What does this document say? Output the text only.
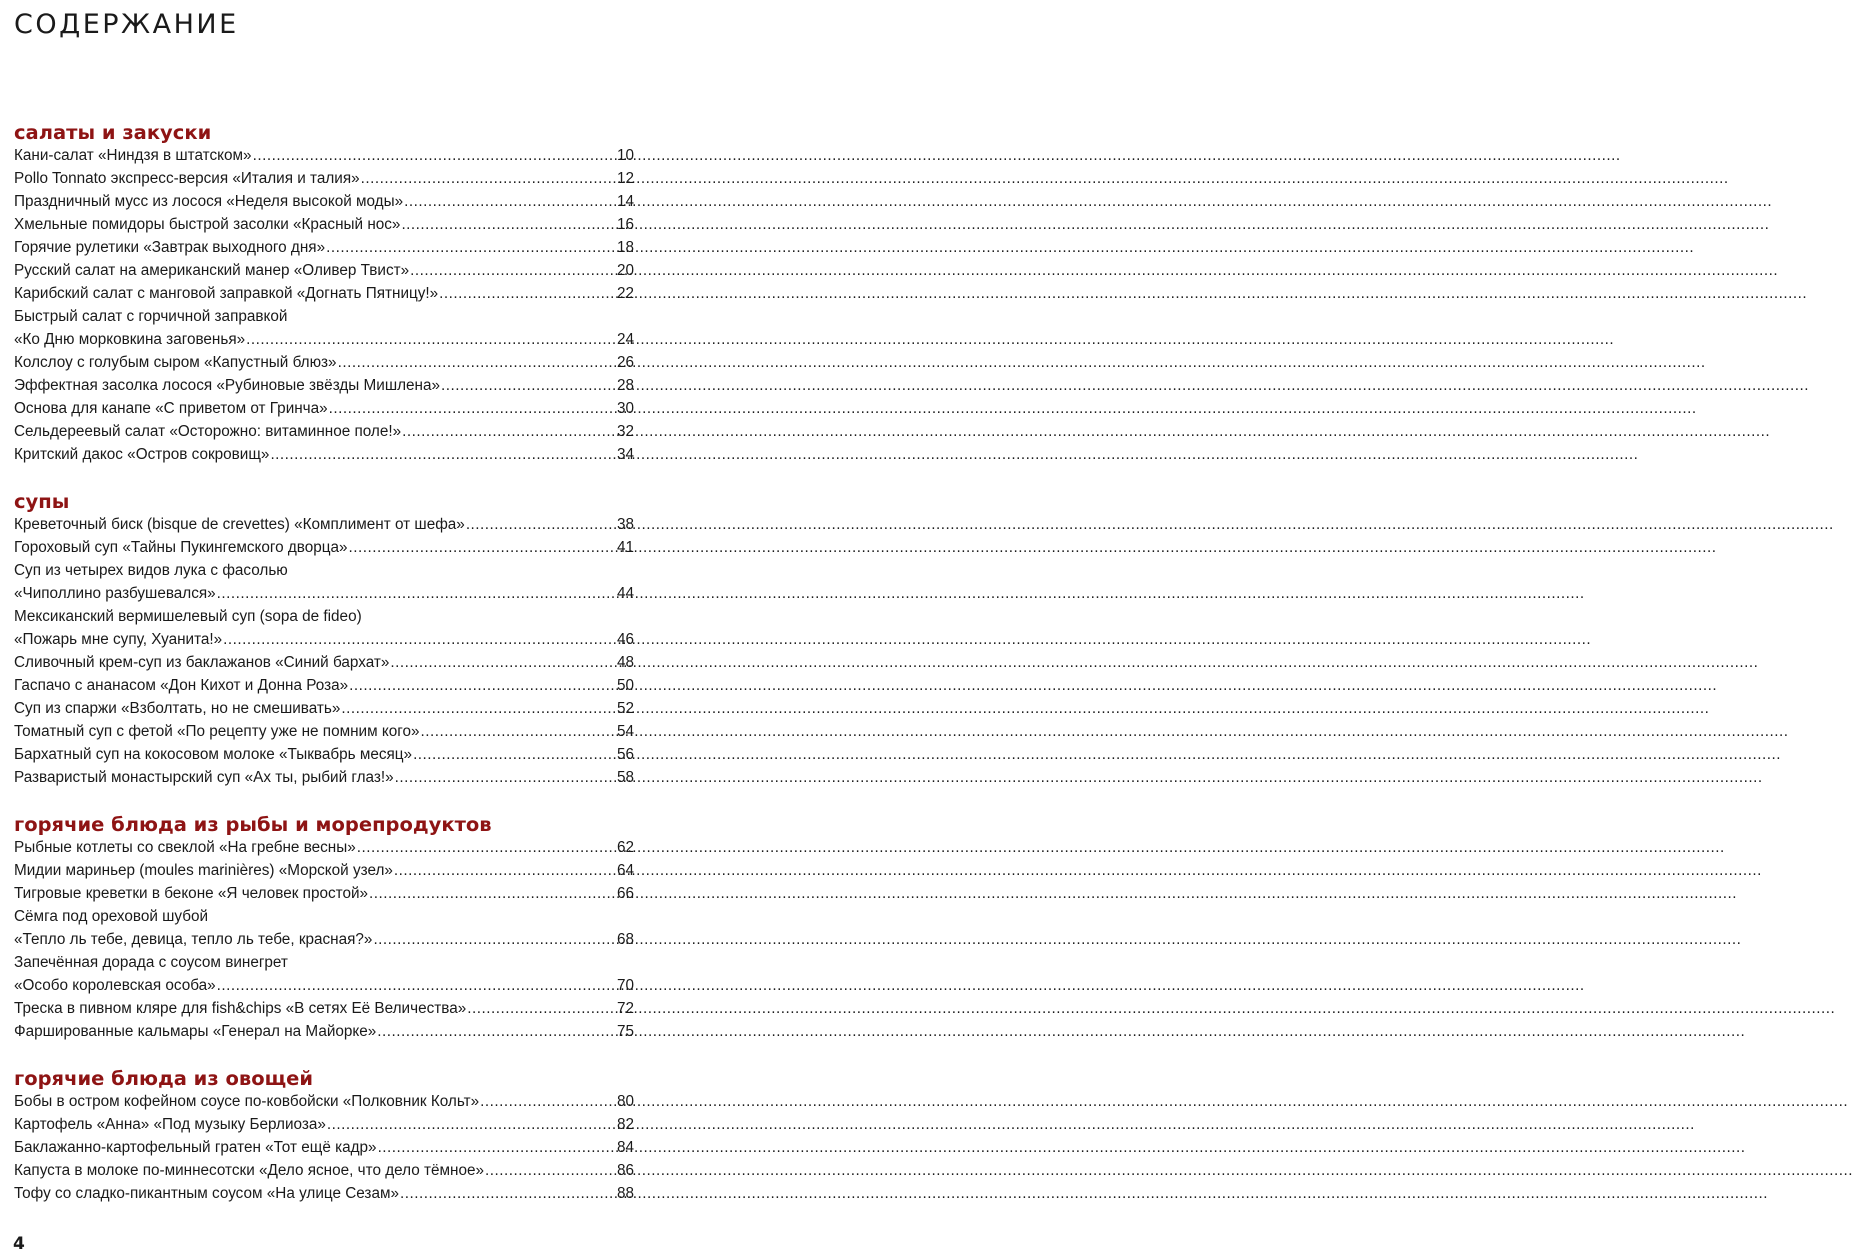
СОДЕРЖАНИЕ
салаты и закуски
Кани-салат «Ниндзя в штатском» .....	10
Pollo Tonnato экспресс-версия «Италия и талия» .....	12
Праздничный мусс из лосося «Неделя высокой моды» .....	14
Хмельные помидоры быстрой засолки «Красный нос» .....	16
Горячие рулетики «Завтрак выходного дня» .....	18
Русский салат на американский манер «Оливер Твист» .....	20
Карибский салат с манговой заправкой «Догнать Пятницу!» .....	22
Быстрый салат с горчичной заправкой
«Ко Дню морковкина заговенья» .....	24
Колслоу с голубым сыром «Капустный блюз» .....	26
Эффектная засолка лосося «Рубиновые звёзды Мишлена» .....	28
Основа для канапе «С приветом от Гринча» .....	30
Сельдереевый салат «Осторожно: витаминное поле!» .....	32
Критский дакос «Остров сокровищ» .....	34
супы
Креветочный биск (bisque de crevettes) «Комплимент от шефа» .....	38
Гороховый суп «Тайны Пукингемского дворца» .....	41
Суп из четырех видов лука с фасолью
«Чиполлино разбушевался» .....	44
Мексиканский вермишелевый суп (sopa de fideo)
«Пожарь мне супу, Хуанита!» .....	46
Сливочный крем-суп из баклажанов «Синий бархат» .....	48
Гаспачо с ананасом «Дон Кихот и Донна Роза» .....	50
Суп из спаржи «Взболтать, но не смешивать» .....	52
Томатный суп с фетой «По рецепту уже не помним кого» .....	54
Бархатный суп на кокосовом молоке «Тыквабрь месяц» .....	56
Разваристый монастырский суп «Ах ты, рыбий глаз!» .....	58
горячие блюда из рыбы и морепродуктов
Рыбные котлеты со свеклой «На гребне весны» .....	62
Мидии мариньер (moules marinières) «Морской узел» .....	64
Тигровые креветки в беконе «Я человек простой» .....	66
Сёмга под ореховой шубой
«Тепло ль тебе, девица, тепло ль тебе, красная?» .....	68
Запечённая дорада с соусом винегрет
«Особо королевская особа» .....	70
Треска в пивном кляре для fish&chips «В сетях Её Величества» .....	72
Фаршированные кальмары «Генерал на Майорке» .....	75
горячие блюда из овощей
Бобы в остром кофейном соусе по-ковбойски «Полковник Кольт» .....	80
Картофель «Анна» «Под музыку Берлиоза» .....	82
Баклажанно-картофельный гратен «Тот ещё кадр» .....	84
Капуста в молоке по-миннесотски «Дело ясное, что дело тёмное» .....	86
Тофу со сладко-пикантным соусом «На улице Сезам» .....	88
4
